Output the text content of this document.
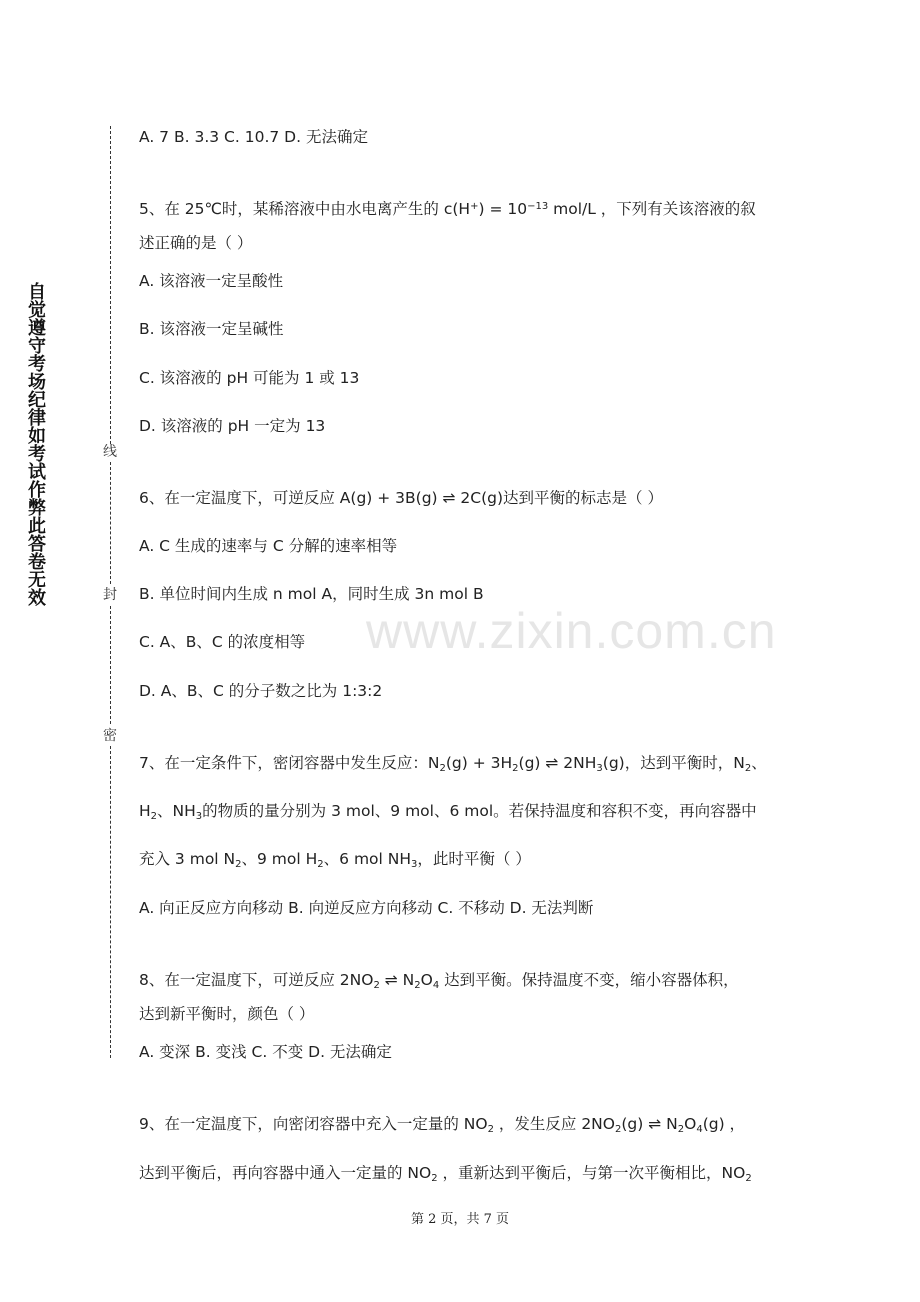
自觉遵守考场纪律如考试作弊此答卷无效	线
封
密
www.zixin.com.cn
A. 7 B. 3.3 C. 10.7 D. 无法确定
5、在 25℃时，某稀溶液中由水电离产生的 $c(H^+) = 10^{-13}$ mol/L ，下列有关该溶液的叙
述正确的是（ ）
A. 该溶液一定呈酸性
B. 该溶液一定呈碱性
C. 该溶液的 pH 可能为 1 或 13
D. 该溶液的 pH 一定为 13
6、在一定温度下，可逆反应 A(g) + 3B(g) ⇌ 2C(g)达到平衡的标志是（ ）
A. C 生成的速率与 C 分解的速率相等
B. 单位时间内生成 n mol A，同时生成 3n mol B
C. A、B、C 的浓度相等
D. A、B、C 的分子数之比为 1:3:2
7、在一定条件下，密闭容器中发生反应：$N_2(g) + 3H_2(g)$ ⇌ $2NH_3(g)$，达到平衡时，$N_2$、
$H_2$、$NH_3$的物质的量分别为 3 mol、9 mol、6 mol。若保持温度和容积不变，再向容器中
充入 3 mol $N_2$、9 mol $H_2$、6 mol $NH_3$，此时平衡（ ）
A. 向正反应方向移动 B. 向逆反应方向移动 C. 不移动 D. 无法判断
8、在一定温度下，可逆反应 $2NO_2$ ⇌ $N_2O_4$ 达到平衡。保持温度不变，缩小容器体积，
达到新平衡时，颜色（ ）
A. 变深 B. 变浅 C. 不变 D. 无法确定
9、在一定温度下，向密闭容器中充入一定量的 $NO_2$ ，发生反应 $2NO_2(g)$ ⇌ $N_2O_4(g)$ ，
达到平衡后，再向容器中通入一定量的 $NO_2$ ，重新达到平衡后，与第一次平衡相比，$NO_2$
第 2 页，共 7 页
